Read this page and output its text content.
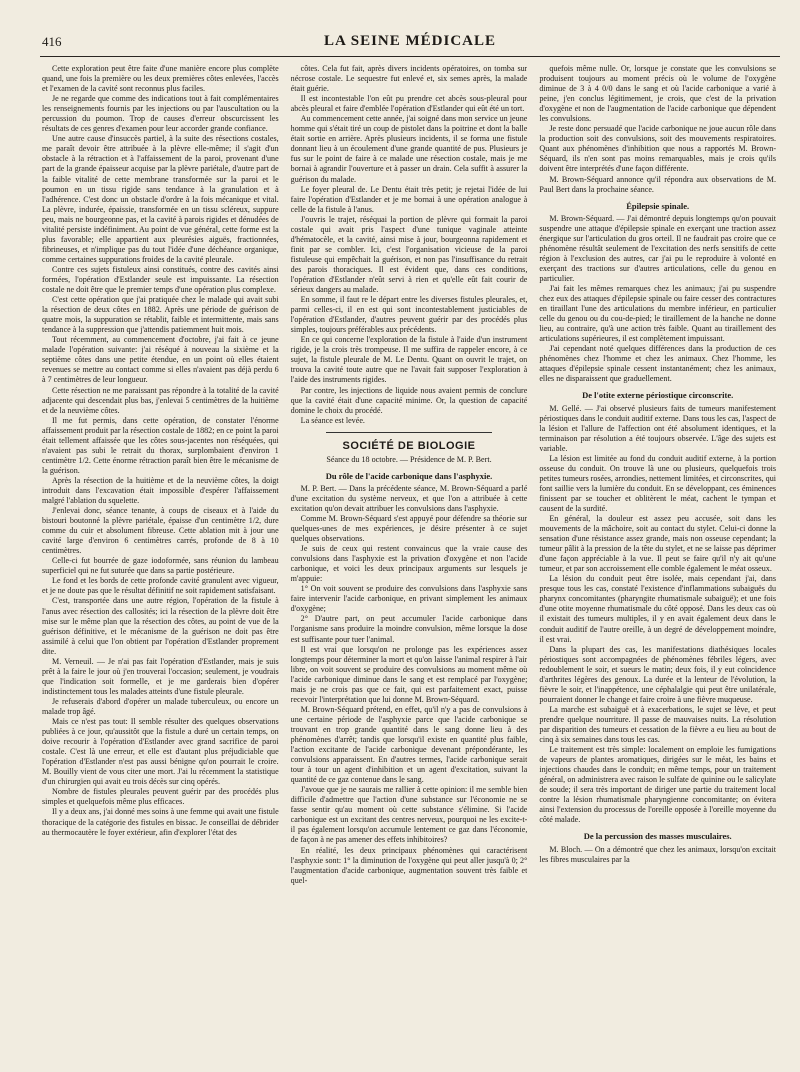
416	LA SEINE MÉDICALE

Cette exploration peut être faite d'une manière encore plus complète quand, une fois la première ou les deux premières côtes enlevées, l'accès et l'examen de la cavité sont reconnus plus faciles.

Je ne regarde que comme des indications tout à fait complémentaires les renseignements fournis par les injections ou par l'auscultation ou la percussion du poumon. Trop de causes d'erreur obscurcissent les résultats de ces genres d'examen pour leur accorder grande confiance.

Une autre cause d'insuccès partiel, à la suite des résections costales, me paraît devoir être attribuée à la plèvre elle-même; il s'agit d'un obstacle à la rétraction et à l'affaissement de la paroi, provenant d'une part de la grande épaisseur acquise par la plèvre pariétale, d'autre part de la faible vitalité de cette membrane transformée sur la paroi et le poumon en un tissu rigide sans tendance à la granulation et à l'adhérence. C'est donc un obstacle d'ordre à la fois mécanique et vital. La plèvre, indurée, épaissie, transformée en un tissu scléreux, suppure peu, mais ne bourgeonne pas, et la cavité à parois rigides et dénudées de vitalité persiste indéfiniment. Au point de vue général, cette forme est la plus favorable; elle appartient aux pleurésies aiguës, fractionnées, fibrineuses, et n'implique pas du tout l'idée d'une déchéance organique, comme certaines suppurations froides de la cavité pleurale.

Contre ces sujets fistuleux ainsi constitués, contre des cavités ainsi formées, l'opération d'Estlander seule est impuissante. La résection costale ne doit être que le premier temps d'une opération plus complexe.

C'est cette opération que j'ai pratiquée chez le malade qui avait subi la résection de deux côtes en 1882. Après une période de guérison de quatre mois, la suppuration se rétablit, faible et intermittente, mais sans tendance à la suppression que j'attendis patiemment huit mois.

Tout récemment, au commencement d'octobre, j'ai fait à ce jeune malade l'opération suivante: j'ai réséqué à nouveau la sixième et la septième côtes dans une petite étendue, en un point où elles étaient revenues se mettre au contact comme si elles n'avaient pas déjà perdu 6 à 7 centimètres de leur longueur.

Cette résection ne me paraissant pas répondre à la totalité de la cavité adjacente qui descendait plus bas, j'enlevai 5 centimètres de la huitième et de la neuvième côtes.

Il me fut permis, dans cette opération, de constater l'énorme affaissement produit par la résection costale de 1882; en ce point la paroi était tellement affaissée que les côtes sous-jacentes non réséquées, qui n'avaient pas subi le retrait du thorax, surplombaient d'environ 1 centimètre 1/2. Cette énorme rétraction paraît bien être le mécanisme de la guérison.

Après la résection de la huitième et de la neuvième côtes, la doigt introduit dans l'excavation était impossible d'espérer l'affaissement malgré l'ablation du squelette.

J'enlevai donc, séance tenante, à coups de ciseaux et à l'aide du bistouri boutonné la plèvre pariétale, épaisse d'un centimètre 1/2, dure comme du cuir et absolument fibreuse. Cette ablation mit à jour une cavité large d'environ 6 centimètres carrés, profonde de 8 à 10 centimètres.

Celle-ci fut bourrée de gaze iodoformée, sans réunion du lambeau superficiel qui ne fut suturée que dans sa partie postérieure.

Le fond et les bords de cette profonde cavité granulent avec vigueur, et je ne doute pas que le résultat définitif ne soit rapidement satisfaisant.

C'est, transportée dans une autre région, l'opération de la fistule à l'anus avec résection des callosités; ici la résection de la plèvre doit être mise sur le même plan que la résection des côtes, au point de vue de la guérison définitive, et le mécanisme de la guérison ne doit pas être assimilé à celui que l'on obtient par l'opération d'Estlander proprement dite.

M. Verneuil. — Je n'ai pas fait l'opération d'Estlander, mais je suis prêt à la faire le jour où j'en trouverai l'occasion; seulement, je voudrais que l'indication soit formelle, et je me garderais bien d'opérer indistinctement tous les malades atteints d'une fistule pleurale.

Je refuserais d'abord d'opérer un malade tuberculeux, ou encore un malade trop âgé.

Mais ce n'est pas tout: Il semble résulter des quelques observations publiées à ce jour, qu'aussitôt que la fistule a duré un certain temps, on doive recourir à l'opération d'Estlander avec grand sacrifice de paroi costale. C'est là une erreur, et elle est d'autant plus préjudiciable que l'opération d'Estlander n'est pas aussi bénigne qu'on pourrait le croire. M. Bouilly vient de vous citer une mort. J'ai lu récemment la statistique d'un chirurgien qui avait eu trois décès sur cinq opérés.

Nombre de fistules pleurales peuvent guérir par des procédés plus simples et quelquefois même plus efficaces.

Il y a deux ans, j'ai donné mes soins à une femme qui avait une fistule thoracique de la catégorie des fistules en bissac. Je conseillai de débrider au thermocautère le foyer extérieur, afin d'explorer l'état des

côtes. Cela fut fait, après divers incidents opératoires, on tomba sur nécrose costale. Le sequestre fut enlevé et, six semes après, la malade était guérie.

Il est incontestable l'on eût pu prendre cet abcès sous-pleural pour abcès pleural et faire d'emblée l'opération d'Estlander qui eût été un tort.

Au commencement cette année, j'ai soigné dans mon service un jeune homme qui s'était tiré un coup de pistolet dans la poitrine et dont la balle était sortie en arrière. Après plusieurs incidents, il se forma une fistule donnant lieu à un écoulement d'une grande quantité de pus. Plusieurs je fus sur le point de faire à ce malade une résection costale, mais je me bornai à agrandir l'ouverture et à passer un drain. Cela suffit à assurer la guérison du malade.

Le foyer pleural de. Le Dentu était très petit; je rejetai l'idée de lui faire l'opération d'Estlander et je me bornai à une opération analogue à celle de la fistule à l'anus.

J'ouvris le trajet, réséquai la portion de plèvre qui formait la paroi costale qui avait pris l'aspect d'une tunique vaginale atteinte d'hématocèle, et la cavité, ainsi mise à jour, bourgeonna rapidement et finit par se combler. Ici, c'est l'organisation vicieuse de la paroi fistuleuse qui empêchait la guérison, et non pas l'insuffisance du retrait des parois thoraciques. Il est évident que, dans ces conditions, l'opération d'Estlander n'eût servi à rien et qu'elle eût fait courir de sérieux dangers au malade.

En somme, il faut re le départ entre les diverses fistules pleurales, et, parmi celles-ci, il en est qui sont incontestablement justiciables de l'opération d'Estlander, d'autres peuvent guérir par des procédés plus simples, toujours préférables aux précédents.

En ce qui concerne l'exploration de la fistule à l'aide d'un instrument rigide, je la crois très trompeuse. Il me suffira de rappeler encore, à ce sujet, la fistule pleurale de M. Le Dentu. Quant on ouvrit le trajet, on trouva la cavité toute autre que ne l'avait fait supposer l'exploration à l'aide des instruments rigides.

Par contre, les injections de liquide nous avaient permis de conclure que la cavité était d'une capacité minime. Or, la question de capacité domine le choix du procédé.

La séance est levée.

SOCIÉTÉ DE BIOLOGIE
Séance du 18 octobre. — Présidence de M. P. Bert.
Du rôle de l'acide carbonique dans l'asphyxie.

M. P. Bert. — Dans la précédente séance, M. Brown-Séquard a parlé d'une excitation du système nerveux, et que l'on a attribuée à cette excitation qu'on devait attribuer les convulsions dans l'asphyxie.

Comme M. Brown-Séquard s'est appuyé pour défendre sa théorie sur quelques-unes de mes expériences, je désire présenter à ce sujet quelques observations.

Je suis de ceux qui restent convaincus que la vraie cause des convulsions dans l'asphyxie est la privation d'oxygène et non l'acide carbonique, et voici les deux principaux arguments sur lesquels je m'appuie:

1° On voit souvent se produire des convulsions dans l'asphyxie sans faire intervenir l'acide carbonique, en privant simplement les animaux d'oxygène;

2° D'autre part, on peut accumuler l'acide carbonique dans l'organisme sans produire la moindre convulsion, même lorsque la dose est suffisante pour tuer l'animal.

Il est vrai que lorsqu'on ne prolonge pas les expériences assez longtemps pour déterminer la mort et qu'on laisse l'animal respirer à l'air libre, on voit souvent se produire des convulsions au moment même où l'acide carbonique diminue dans le sang et est remplacé par l'oxygène; mais je ne crois pas que ce fait, qui est parfaitement exact, puisse recevoir l'interprétation que lui donne M. Brown-Séquard.

M. Brown-Séquard prétend, en effet, qu'il n'y a pas de convulsions à une certaine période de l'asphyxie parce que l'acide carbonique se trouvant en trop grande quantité dans le sang donne lieu à des phénomènes d'arrêt; tandis que lorsqu'il existe en quantité plus faible, l'action excitante de l'acide carbonique devenant prépondérante, les convulsions apparaissent. En d'autres termes, l'acide carbonique serait tour à tour un agent d'inhibition et un agent d'excitation, suivant la quantité de ce gaz contenue dans le sang.

J'avoue que je ne saurais me rallier à cette opinion: il me semble bien difficile d'admettre que l'action d'une substance sur l'économie ne se fasse sentir qu'au moment où cette substance s'élimine. Si l'acide carbonique est un excitant des centres nerveux, pourquoi ne les excite-t-il pas également lorsqu'on accumule lentement ce gaz dans l'économie, de façon à ne pas amener des effets inhibitoires?

En réalité, les deux principaux phénomènes qui caractérisent l'asphyxie sont: 1° la diminution de l'oxygène qui peut aller jusqu'à 0; 2° l'augmentation d'acide carbonique, augmentation souvent très faible et quel-

quefois même nulle. Or, lorsque je constate que les convulsions se produisent toujours au moment précis où le volume de l'oxygène diminue de 3 à 4 0/0 dans le sang et où l'acide carbonique a varié à peine, j'en conclus légitimement, je crois, que c'est de la privation d'oxygène et non de l'augmentation de l'acide carbonique que dépendent les convulsions.

Je reste donc persuadé que l'acide carbonique ne joue aucun rôle dans la production soit des convulsions, soit des mouvements respiratoires. Quant aux phénomènes d'inhibition que nous a rapportés M. Brown-Séquard, ils n'en sont pas moins remarquables, mais je crois qu'ils doivent être interprétés d'une façon différente.

M. Brown-Séquard annonce qu'il répondra aux observations de M. Paul Bert dans la prochaine séance.

Épilepsie spinale.

M. Brown-Séquard. — J'ai démontré depuis longtemps qu'on pouvait suspendre une attaque d'épilepsie spinale en exerçant une traction assez énergique sur l'articulation du gros orteil. Il ne faudrait pas croire que ce phénomène résultât seulement de l'excitation des nerfs sensitifs de cette région à l'exclusion des autres, car j'ai pu le reproduire à volonté en exerçant des tractions sur d'autres articulations, celle du genou en particulier.

J'ai fait les mêmes remarques chez les animaux; j'ai pu suspendre chez eux des attaques d'épilepsie spinale ou faire cesser des contractures en tiraillant l'une des articulations du membre inférieur, en particulier celle du genou ou du cou-de-pied; le tiraillement de la hanche ne donne lieu, au contraire, qu'à une action très faible. Quant au tiraillement des articulations supérieures, il est complètement impuissant.

J'ai cependant noté quelques différences dans la production de ces phénomènes chez l'homme et chez les animaux. Chez l'homme, les attaques d'épilepsie spinale cessent instantanément; chez les animaux, elles ne disparaissent que graduellement.

De l'otite externe périostique circonscrite.

M. Gellé. — J'ai observé plusieurs faits de tumeurs manifestement périostiques dans le conduit auditif externe. Dans tous les cas, l'aspect de la lésion et l'allure de l'affection ont été absolument identiques, et la terminaison par résolution a été toujours observée. L'âge des sujets est variable.

La lésion est limitée au fond du conduit auditif externe, à la portion osseuse du conduit. On trouve là une ou plusieurs, quelquefois trois petites tumeurs rosées, arrondies, nettement limitées, et circonscrites, qui font saillie vers la lumière du conduit. En se développant, ces éminences finissent par se toucher et oblitèrent le méat, cachent le tympan et causent de la surdité.

En général, la douleur est assez peu accusée, soit dans les mouvements de la mâchoire, soit au contact du stylet. Celui-ci donne la sensation d'une résistance assez grande, mais non osseuse cependant; la tumeur pâlit à la pression de la tête du stylet, et ne se laisse pas déprimer d'une façon appréciable à la vue. Il peut se faire qu'il n'y ait qu'une tumeur, et par son accroissement elle comble également le méat osseux.

La lésion du conduit peut être isolée, mais cependant j'ai, dans presque tous les cas, constaté l'existence d'inflammations subaiguës du pharynx concomitantes (pharyngite rhumatismale subaiguë); et une fois d'une otite moyenne rhumatismale du côté opposé. Dans les deux cas où il existait des tumeurs multiples, il y en avait également deux dans le conduit auditif de l'autre oreille, à un degré de développement moindre, il est vrai.

Dans la plupart des cas, les manifestations diathésiques locales périostiques sont accompagnées de phénomènes fébriles légers, avec redoublement le soir, et sueurs le matin; deux fois, il y eut coïncidence d'arthrites légères des genoux. La durée et la lenteur de l'évolution, la fièvre le soir, et l'inappétence, une céphalalgie qui peut être unilatérale, pourraient donner le change et faire croire à une fièvre muqueuse.

La marche est subaiguë et à exacerbations, le sujet se lève, et peut prendre quelque nourriture. Il passe de mauvaises nuits. La résolution par disparition des tumeurs et cessation de la fièvre a eu lieu au bout de cinq à six semaines dans tous les cas.

Le traitement est très simple: localement on emploie les fumigations de vapeurs de plantes aromatiques, dirigées sur le méat, les bains et injections chaudes dans le conduit; en même temps, pour un traitement général, on administrera avec raison le sulfate de quinine ou le salicylate de soude; il sera très important de diriger une partie du traitement local contre la lésion rhumatismale pharyngienne concomitante; on évitera ainsi l'extension du processus de l'oreille opposée à l'oreille moyenne du côté malade.

De la percussion des masses musculaires.

M. Bloch. — On a démontré que chez les animaux, lorsqu'on excitait les fibres musculaires par la
